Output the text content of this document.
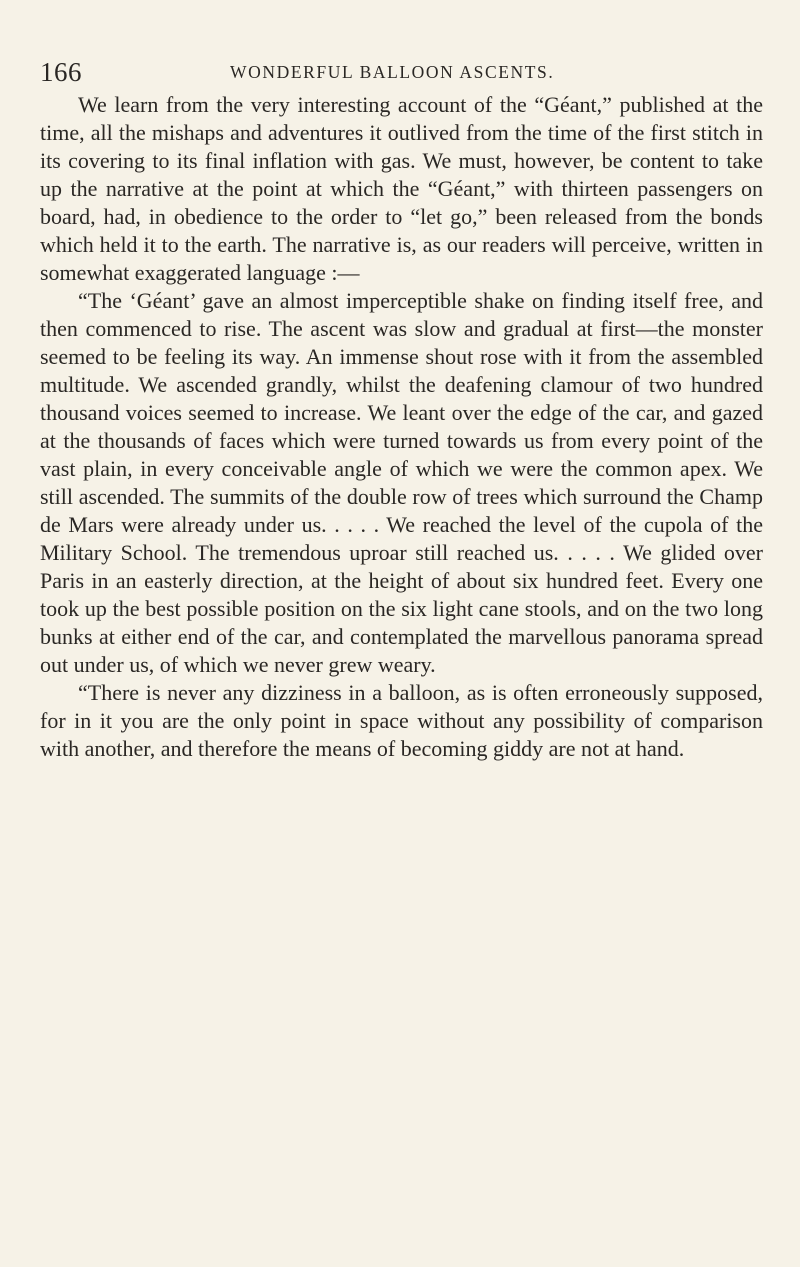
166	WONDERFUL BALLOON ASCENTS.

We learn from the very interesting account of the “Géant,” published at the time, all the mishaps and adventures it outlived from the time of the first stitch in its covering to its final inflation with gas. We must, however, be content to take up the narrative at the point at which the “Géant,” with thirteen passengers on board, had, in obedience to the order to “let go,” been released from the bonds which held it to the earth. The narrative is, as our readers will perceive, written in somewhat exaggerated language :—

“The ‘Géant’ gave an almost imperceptible shake on finding itself free, and then commenced to rise. The ascent was slow and gradual at first—the monster seemed to be feeling its way. An immense shout rose with it from the assembled multitude. We ascended grandly, whilst the deafening clamour of two hundred thousand voices seemed to increase. We leant over the edge of the car, and gazed at the thousands of faces which were turned towards us from every point of the vast plain, in every conceivable angle of which we were the common apex. We still ascended. The summits of the double row of trees which surround the Champ de Mars were already under us. . . . . We reached the level of the cupola of the Military School. The tremendous uproar still reached us. . . . . We glided over Paris in an easterly direction, at the height of about six hundred feet. Every one took up the best possible position on the six light cane stools, and on the two long bunks at either end of the car, and contemplated the marvellous panorama spread out under us, of which we never grew weary.

“There is never any dizziness in a balloon, as is often erroneously supposed, for in it you are the only point in space without any possibility of comparison with another, and therefore the means of becoming giddy are not at hand.
